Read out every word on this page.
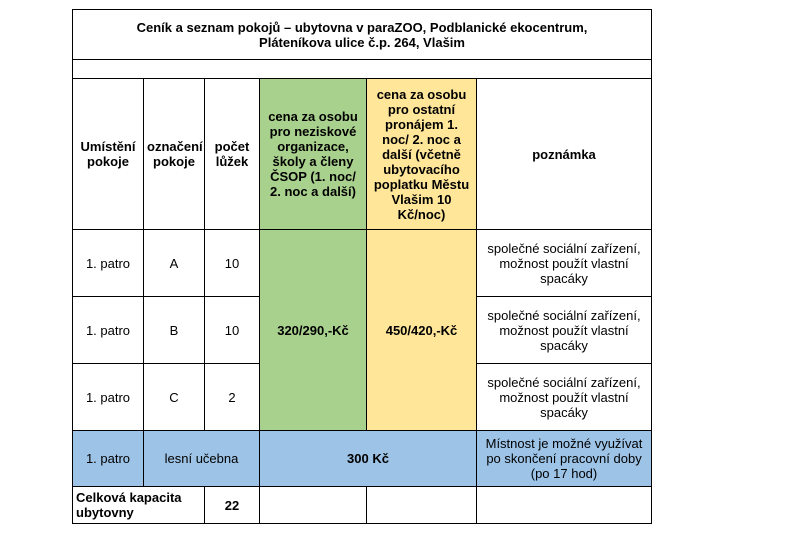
Ceník a seznam pokojů – ubytovna v paraZOO, Podblanické ekocentrum,
Pláteníkova ulice č.p. 264, Vlašim					

Umístění pokoje	označení pokoje	počet lůžek	cena za osobu pro neziskové organizace, školy a členy ČSOP (1. noc/ 2. noc a další)	cena za osobu pro ostatní pronájem 1. noc/ 2. noc a další (včetně ubytovacího poplatku Městu Vlašim 10 Kč/noc)	poznámka
1. patro	A	10	320/290,-Kč	450/420,-Kč	společné sociální zařízení, možnost použít vlastní spacáky
1. patro	B	10			společné sociální zařízení, možnost použít vlastní spacáky
1. patro	C	2			společné sociální zařízení, možnost použít vlastní spacáky
1. patro	lesní učebna		300 Kč		Místnost je možné využívat po skončení pracovní doby (po 17 hod)
Celková kapacita ubytovny		22			
